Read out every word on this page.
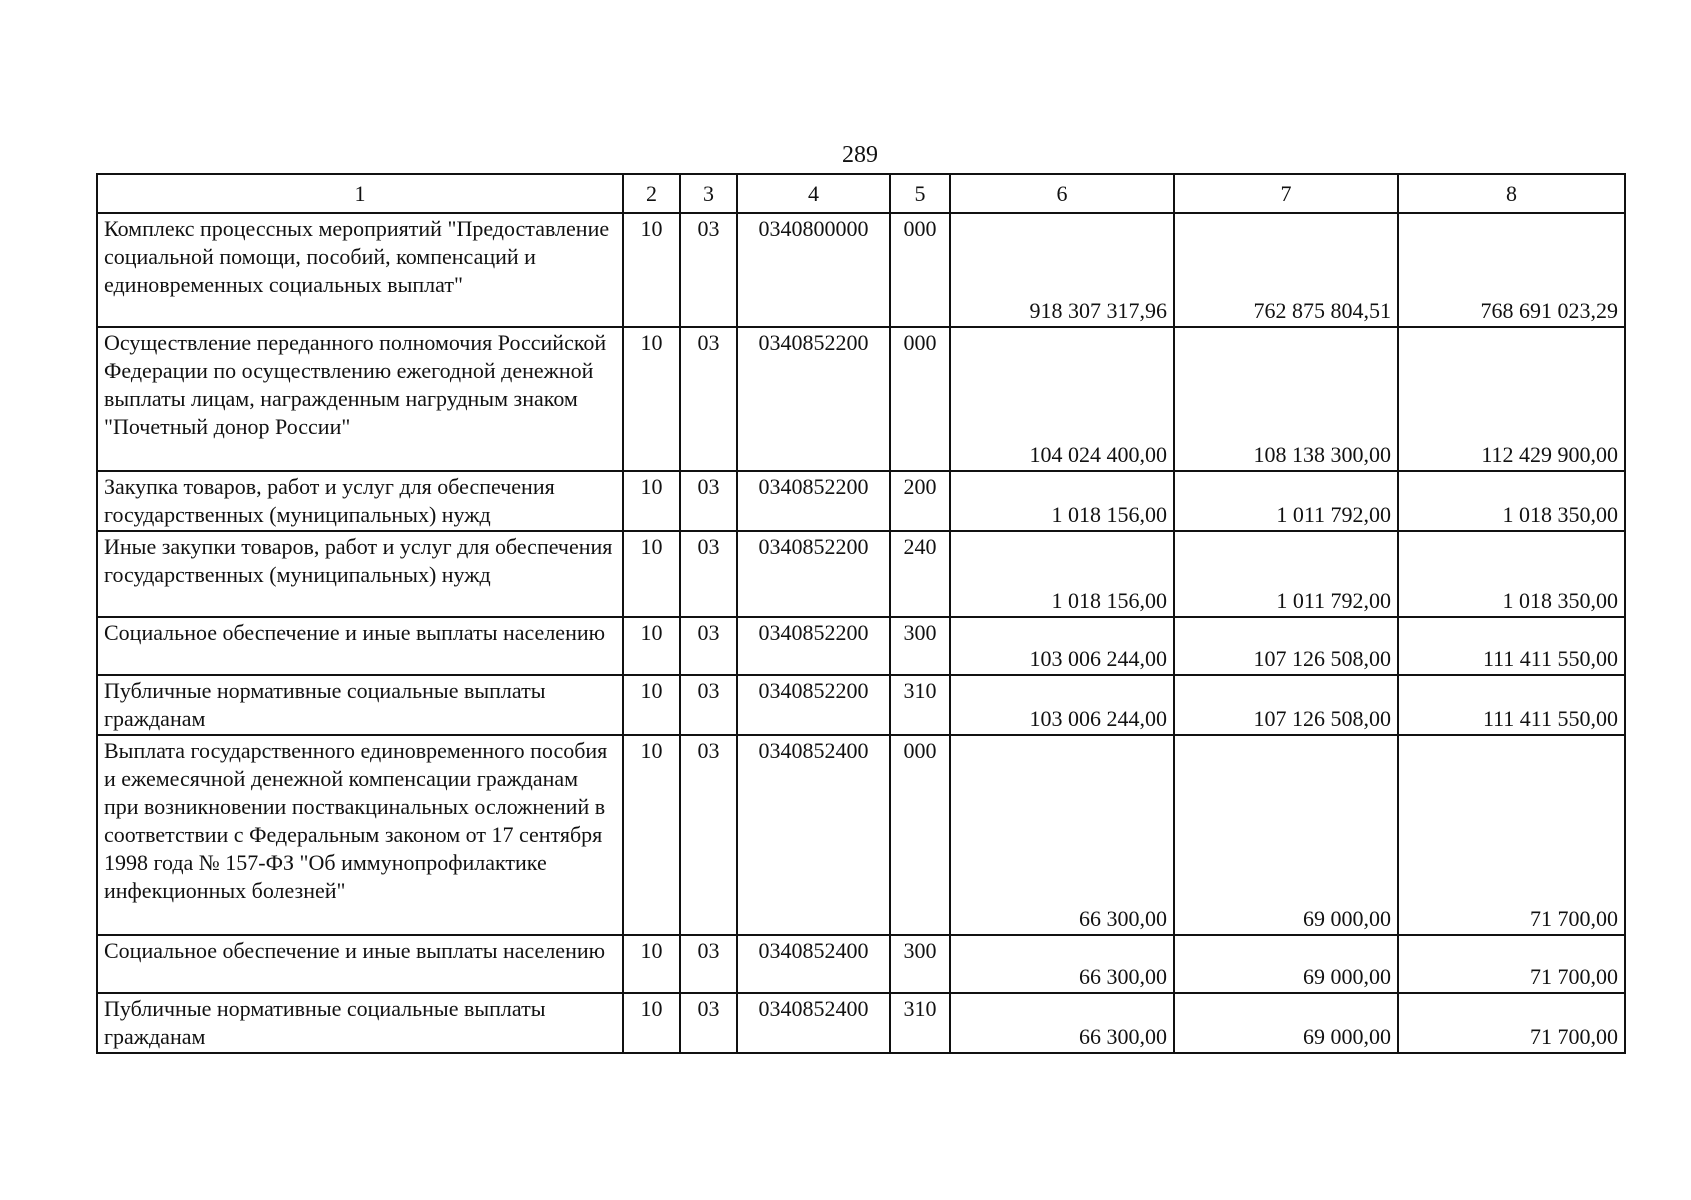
289
1	2	3	4	5	6	7	8
Комплекс процессных мероприятий "Предоставление социальной помощи, пособий, компенсаций и единовременных социальных выплат"	10	03	0340800000	000	918 307 317,96	762 875 804,51	768 691 023,29
Осуществление переданного полномочия Российской Федерации по осуществлению ежегодной денежной выплаты лицам, награжденным нагрудным знаком "Почетный донор России"	10	03	0340852200	000	104 024 400,00	108 138 300,00	112 429 900,00
Закупка товаров, работ и услуг для обеспечения государственных (муниципальных) нужд	10	03	0340852200	200	1 018 156,00	1 011 792,00	1 018 350,00
Иные закупки товаров, работ и услуг для обеспечения государственных (муниципальных) нужд	10	03	0340852200	240	1 018 156,00	1 011 792,00	1 018 350,00
Социальное обеспечение и иные выплаты населению	10	03	0340852200	300	103 006 244,00	107 126 508,00	111 411 550,00
Публичные нормативные социальные выплаты гражданам	10	03	0340852200	310	103 006 244,00	107 126 508,00	111 411 550,00
Выплата государственного единовременного пособия и ежемесячной денежной компенсации гражданам при возникновении поствакцинальных осложнений в соответствии с Федеральным законом от 17 сентября 1998 года № 157-ФЗ "Об иммунопрофилактике инфекционных болезней"	10	03	0340852400	000	66 300,00	69 000,00	71 700,00
Социальное обеспечение и иные выплаты населению	10	03	0340852400	300	66 300,00	69 000,00	71 700,00
Публичные нормативные социальные выплаты гражданам	10	03	0340852400	310	66 300,00	69 000,00	71 700,00
